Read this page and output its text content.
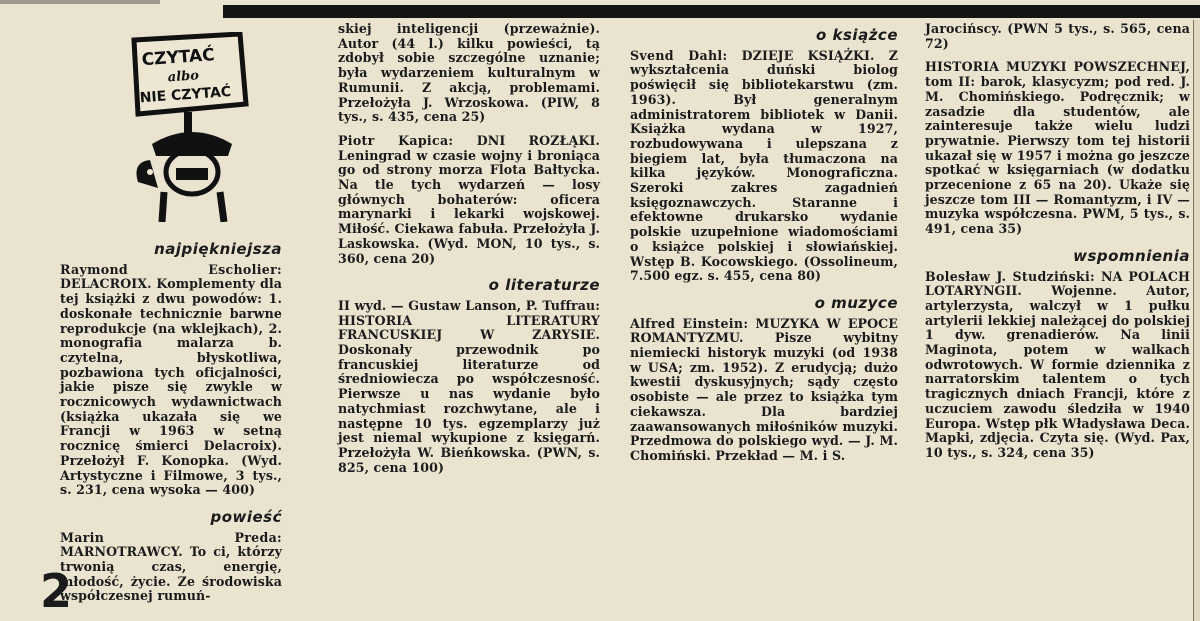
CZYTAĆ
albo
NIE CZYTAĆ
najpiękniejsza

Raymond Escholier: DELACROIX. Komplementy dla tej książki z dwu powodów: 1. doskonałe technicznie barwne reprodukcje (na wklejkach), 2. monografia malarza b. czytelna, błyskotliwa, pozbawiona tych oficjalności, jakie pisze się zwykle w rocznicowych wydawnictwach (książka ukazała się we Francji w 1963 w setną rocznicę śmierci Delacroix). Przełożył F. Konopka. (Wyd. Artystyczne i Filmowe, 3 tys., s. 231, cena wysoka — 400)

powieść

Marin Preda: MARNOTRAWCY. To ci, którzy trwonią czas, energię, młodość, życie. Ze środowiska współczesnej rumuń-

skiej inteligencji (przeważnie). Autor (44 l.) kilku powieści, tą zdobył sobie szczególne uznanie; była wydarzeniem kulturalnym w Rumunii. Z akcją, problemami. Przełożyła J. Wrzoskowa. (PIW, 8 tys., s. 435, cena 25)

Piotr Kapica: DNI ROZŁĄKI. Leningrad w czasie wojny i broniąca go od strony morza Flota Bałtycka. Na tle tych wydarzeń — losy głównych bohaterów: oficera marynarki i lekarki wojskowej. Miłość. Ciekawa fabuła. Przełożyła J. Laskowska. (Wyd. MON, 10 tys., s. 360, cena 20)

o literaturze

II wyd. — Gustaw Lanson, P. Tuffrau: HISTORIA LITERATURY FRANCUSKIEJ W ZARYSIE. Doskonały przewodnik po francuskiej literaturze od średniowiecza po współczesność. Pierwsze u nas wydanie było natychmiast rozchwytane, ale i następne 10 tys. egzemplarzy już jest niemal wykupione z księgarń. Przełożyła W. Bieńkowska. (PWN, s. 825, cena 100)

o książce

Svend Dahl: DZIEJE KSIĄŻKI. Z wykształcenia duński biolog poświęcił się bibliotekarstwu (zm. 1963). Był generalnym administratorem bibliotek w Danii. Książka wydana w 1927, rozbudowywana i ulepszana z biegiem lat, była tłumaczona na kilka języków. Monograficzna. Szeroki zakres zagadnień księgoznawczych. Staranne i efektowne drukarsko wydanie polskie uzupełnione wiadomościami o książce polskiej i słowiańskiej. Wstęp B. Kocowskiego. (Ossolineum, 7.500 egz. s. 455, cena 80)

o muzyce

Alfred Einstein: MUZYKA W EPOCE ROMANTYZMU. Pisze wybitny niemiecki historyk muzyki (od 1938 w USA; zm. 1952). Z erudycją; dużo kwestii dyskusyjnych; sądy często osobiste — ale przez to książka tym ciekawsza. Dla bardziej zaawansowanych miłośników muzyki. Przedmowa do polskiego wyd. — J. M. Chomiński. Przekład — M. i S.

Jarocińscy. (PWN 5 tys., s. 565, cena 72)

HISTORIA MUZYKI POWSZECHNEJ, tom II: barok, klasycyzm; pod red. J. M. Chomińskiego. Podręcznik; w zasadzie dla studentów, ale zainteresuje także wielu ludzi prywatnie. Pierwszy tom tej historii ukazał się w 1957 i można go jeszcze spotkać w księgarniach (w dodatku przecenione z 65 na 20). Ukaże się jeszcze tom III — Romantyzm, i IV — muzyka współczesna. PWM, 5 tys., s. 491, cena 35)

wspomnienia

Bolesław J. Studziński: NA POLACH LOTARYNGII. Wojenne. Autor, artylerzysta, walczył w 1 pułku artylerii lekkiej należącej do polskiej 1 dyw. grenadierów. Na linii Maginota, potem w walkach odwrotowych. W formie dziennika z narratorskim talentem o tych tragicznych dniach Francji, które z uczuciem zawodu śledziła w 1940 Europa. Wstęp płk Władysława Deca. Mapki, zdjęcia. Czyta się. (Wyd. Pax, 10 tys., s. 324, cena 35)

2
